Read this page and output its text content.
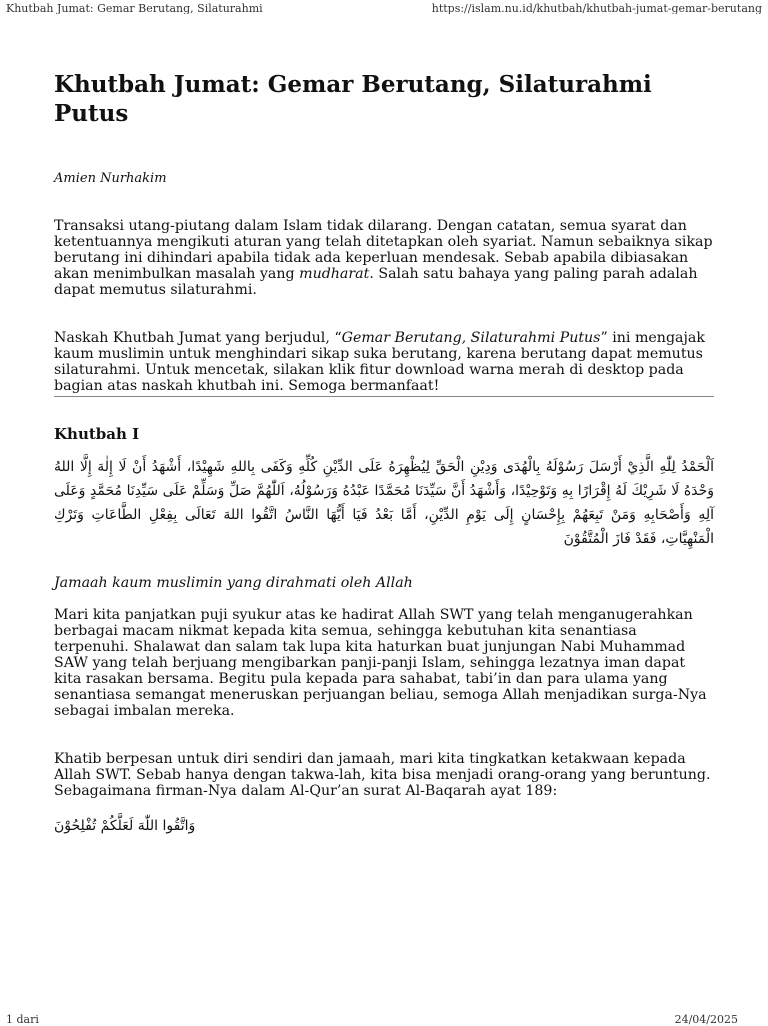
Khutbah Jumat: Gemar Berutang, Silaturahmi	https://islam.nu.id/khutbah/khutbah-jumat-gemar-berutang
Khutbah Jumat: Gemar Berutang, Silaturahmi Putus
Amien Nurhakim

Transaksi utang-piutang dalam Islam tidak dilarang. Dengan catatan, semua syarat dan ketentuannya mengikuti aturan yang telah ditetapkan oleh syariat. Namun sebaiknya sikap berutang ini dihindari apabila tidak ada keperluan mendesak. Sebab apabila dibiasakan akan menimbulkan masalah yang mudharat. Salah satu bahaya yang paling parah adalah dapat memutus silaturahmi.

Naskah Khutbah Jumat yang berjudul, “Gemar Berutang, Silaturahmi Putus” ini mengajak kaum muslimin untuk menghindari sikap suka berutang, karena berutang dapat memutus silaturahmi. Untuk mencetak, silakan klik fitur download warna merah di desktop pada bagian atas naskah khutbah ini. Semoga bermanfaat!

Khutbah I
اَلْحَمْدُ لِلّٰهِ الَّذِيْ أَرْسَلَ رَسُوْلَهُ بِالْهُدَى وَدِيْنِ الْحَقِّ لِيُظْهِرَهُ عَلَى الدِّيْنِ كُلِّهِ وَكَفَى بِاللهِ شَهِيْدًا، أَشْهَدُ أَنْ لَا إِلٰهَ إِلَّا اللهُ وَحْدَهُ لَا شَرِيْكَ لَهُ إِقْرَارًا بِهِ وَتَوْحِيْدًا، وَأَشْهَدُ أَنَّ سَيِّدَنَا مُحَمَّدًا عَبْدُهُ وَرَسُوْلُهُ، اَللّٰهُمَّ صَلِّ وَسَلِّمْ عَلَى سَيِّدِنَا مُحَمَّدٍ وَعَلَى آلِهِ وَأَصْحَابِهِ وَمَنْ تَبِعَهُمْ بِإِحْسَانٍ إِلَى يَوْمِ الدِّيْنِ، أَمَّا بَعْدُ فَيَا أَيُّهَا النَّاسُ اتَّقُوا اللهَ تَعَالَى بِفِعْلِ الطَّاعَاتِ وَتَرْكِ الْمَنْهِيَّاتِ، فَقَدْ فَازَ الْمُتَّقُوْنَ
Jamaah kaum muslimin yang dirahmati oleh Allah

Mari kita panjatkan puji syukur atas ke hadirat Allah SWT yang telah menganugerahkan berbagai macam nikmat kepada kita semua, sehingga kebutuhan kita senantiasa terpenuhi. Shalawat dan salam tak lupa kita haturkan buat junjungan Nabi Muhammad SAW yang telah berjuang mengibarkan panji-panji Islam, sehingga lezatnya iman dapat kita rasakan bersama. Begitu pula kepada para sahabat, tabi’in dan para ulama yang senantiasa semangat meneruskan perjuangan beliau, semoga Allah menjadikan surga-Nya sebagai imbalan mereka.

Khatib berpesan untuk diri sendiri dan jamaah, mari kita tingkatkan ketakwaan kepada Allah SWT. Sebab hanya dengan takwa-lah, kita bisa menjadi orang-orang yang beruntung. Sebagaimana firman-Nya dalam Al-Qur’an surat Al-Baqarah ayat 189:

وَاتَّقُوا اللّٰهَ لَعَلَّكُمْ تُفْلِحُوْنَ
1 dari	24/04/2025
